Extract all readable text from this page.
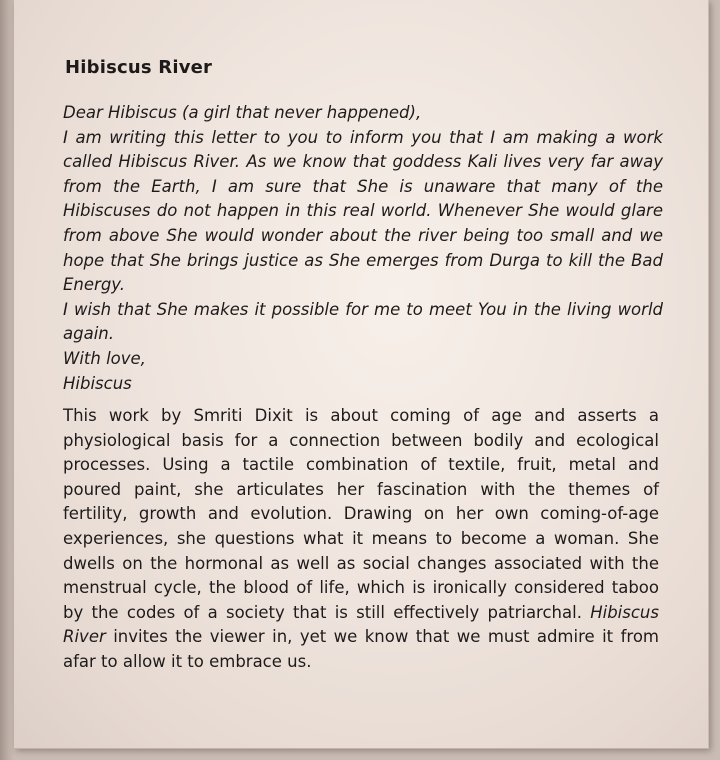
Hibiscus River

Dear Hibiscus (a girl that never happened),

I am writing this letter to you to inform you that I am making a work called Hibiscus River. As we know that goddess Kali lives very far away from the Earth, I am sure that She is unaware that many of the Hibiscuses do not happen in this real world. Whenever She would glare from above She would wonder about the river being too small and we hope that She brings justice as She emerges from Durga to kill the Bad Energy.

I wish that She makes it possible for me to meet You in the living world again.

With love,

Hibiscus

This work by Smriti Dixit is about coming of age and asserts a physiological basis for a connection between bodily and ecological processes. Using a tactile combination of textile, fruit, metal and poured paint, she articulates her fascination with the themes of fertility, growth and evolution. Drawing on her own coming-of-age experiences, she questions what it means to become a woman. She dwells on the hormonal as well as social changes associated with the menstrual cycle, the blood of life, which is ironically considered taboo by the codes of a society that is still effectively patriarchal. Hibiscus River invites the viewer in, yet we know that we must admire it from afar to allow it to embrace us.
